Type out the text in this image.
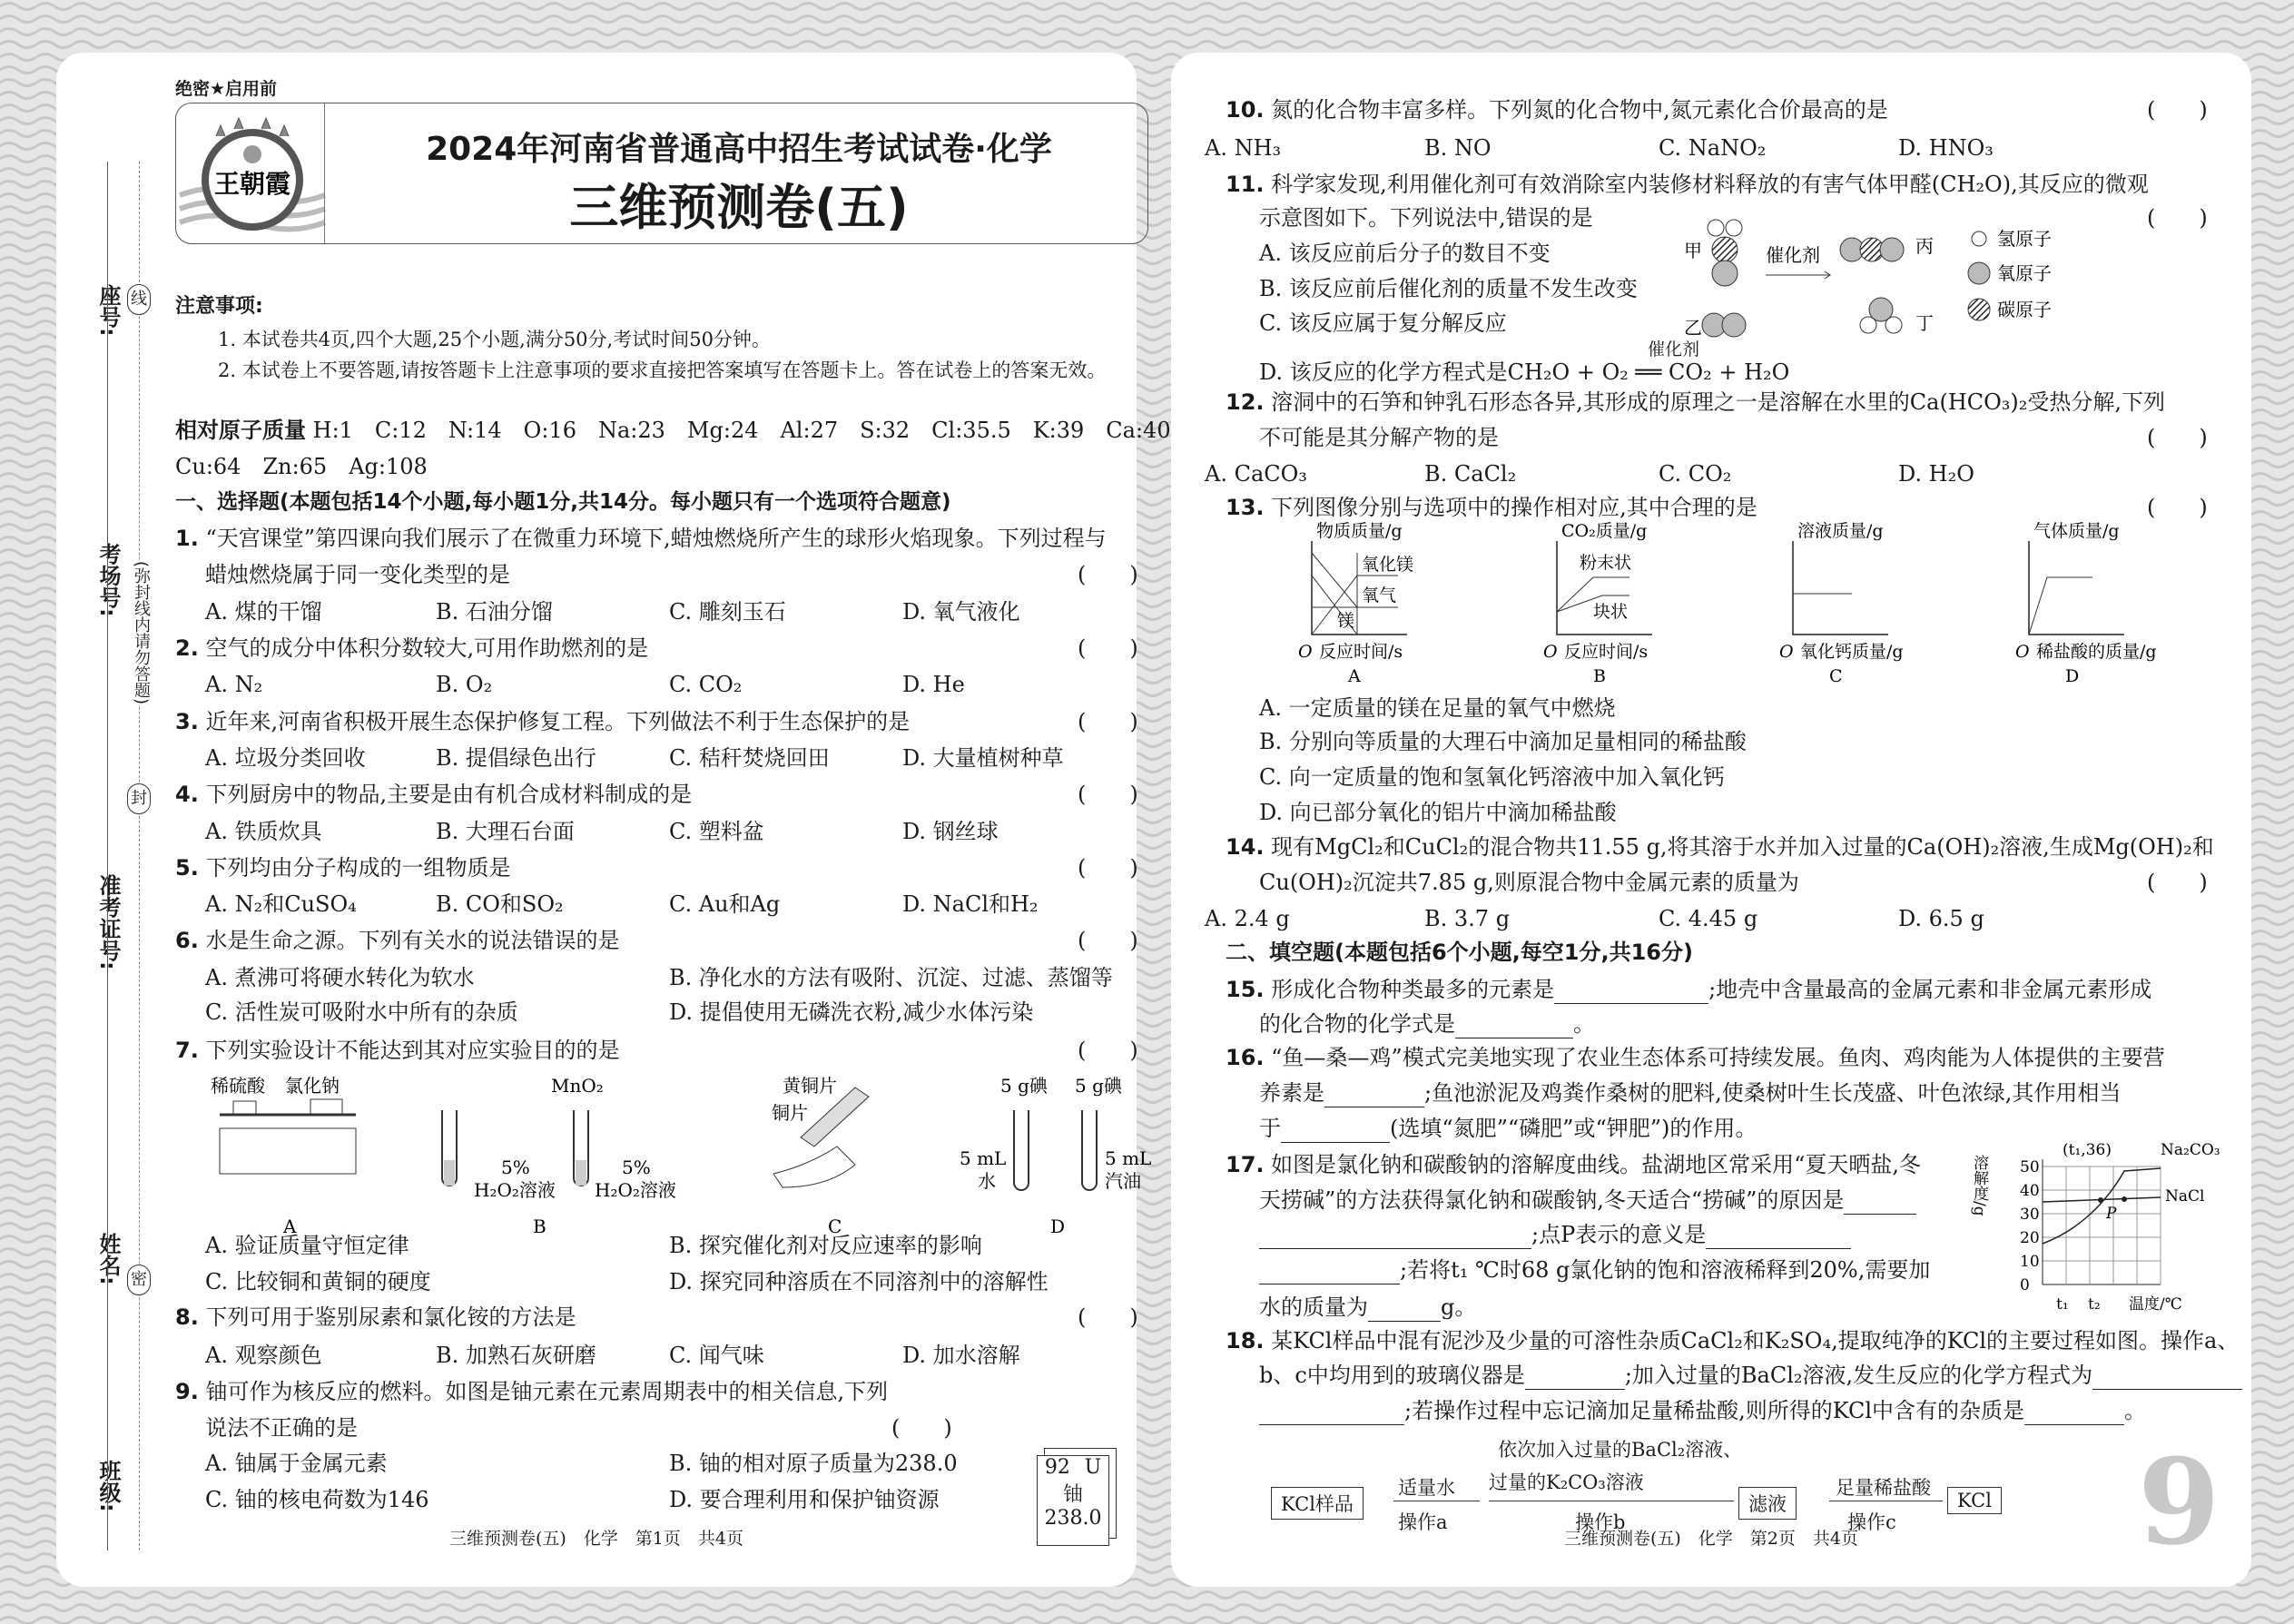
座号:
考场号:
准考证号:
姓名:
班级:
线
(弥封线内请勿答题)
封
密
绝密★启用前
王朝霞
2024年河南省普通高中招生考试试卷·化学
三维预测卷(五)
注意事项:
1. 本试卷共4页,四个大题,25个小题,满分50分,考试时间50分钟。
2. 本试卷上不要答题,请按答题卡上注意事项的要求直接把答案填写在答题卡上。答在试卷上的答案无效。
相对原子质量 H:1　C:12　N:14　O:16　Na:23　Mg:24　Al:27　S:32　Cl:35.5　K:39　Ca:40
Cu:64　Zn:65　Ag:108
一、选择题(本题包括14个小题,每小题1分,共14分。每小题只有一个选项符合题意)
1. “天宫课堂”第四课向我们展示了在微重力环境下,蜡烛燃烧所产生的球形火焰现象。下列过程与
蜡烛燃烧属于同一变化类型的是	(　　)
A. 煤的干馏	B. 石油分馏	C. 雕刻玉石	D. 氧气液化
2. 空气的成分中体积分数较大,可用作助燃剂的是	(　　)
A. N₂	B. O₂	C. CO₂	D. He
3. 近年来,河南省积极开展生态保护修复工程。下列做法不利于生态保护的是	(　　)
A. 垃圾分类回收	B. 提倡绿色出行	C. 秸秆焚烧回田	D. 大量植树种草
4. 下列厨房中的物品,主要是由有机合成材料制成的是	(　　)
A. 铁质炊具	B. 大理石台面	C. 塑料盆	D. 钢丝球
5. 下列均由分子构成的一组物质是	(　　)
A. N₂和CuSO₄	B. CO和SO₂	C. Au和Ag	D. NaCl和H₂
6. 水是生命之源。下列有关水的说法错误的是	(　　)
A. 煮沸可将硬水转化为软水	B. 净化水的方法有吸附、沉淀、过滤、蒸馏等
C. 活性炭可吸附水中所有的杂质	D. 提倡使用无磷洗衣粉,减少水体污染
7. 下列实验设计不能达到其对应实验目的的是	(　　)
A. 验证质量守恒定律	B. 探究催化剂对反应速率的影响
C. 比较铜和黄铜的硬度	D. 探究同种溶质在不同溶剂中的溶解性
8. 下列可用于鉴别尿素和氯化铵的方法是	(　　)
A. 观察颜色	B. 加熟石灰研磨	C. 闻气味	D. 加水溶解
9. 铀可作为核反应的燃料。如图是铀元素在元素周期表中的相关信息,下列
说法不正确的是	(　　)
A. 铀属于金属元素	B. 铀的相对原子质量为238.0
C. 铀的核电荷数为146	D. 要合理利用和保护铀资源
稀硫酸 氯化钠
A
MnO₂
5%
H₂O₂溶液
5%
H₂O₂溶液
B
黄铜片
铜片
C
5 g碘 5 g碘
5 mL
水
5 mL
汽油
D
92 U
铀
238.0
三维预测卷(五)　化学　第1页　共4页
10. 氮的化合物丰富多样。下列氮的化合物中,氮元素化合价最高的是	(　　)
A. NH₃	B. NO	C. NaNO₂	D. HNO₃
11. 科学家发现,利用催化剂可有效消除室内装修材料释放的有害气体甲醛(CH₂O),其反应的微观
示意图如下。下列说法中,错误的是	(　　)
A. 该反应前后分子的数目不变
B. 该反应前后催化剂的质量不发生改变
C. 该反应属于复分解反应
D. 该反应的化学方程式是CH₂O + O₂ ══ CO₂ + H₂O
催化剂
12. 溶洞中的石笋和钟乳石形态各异,其形成的原理之一是溶解在水里的Ca(HCO₃)₂受热分解,下列
不可能是其分解产物的是	(　　)
A. CaCO₃	B. CaCl₂	C. CO₂	D. H₂O
13. 下列图像分别与选项中的操作相对应,其中合理的是	(　　)
A. 一定质量的镁在足量的氧气中燃烧
B. 分别向等质量的大理石中滴加足量相同的稀盐酸
C. 向一定质量的饱和氢氧化钙溶液中加入氧化钙
D. 向已部分氧化的铝片中滴加稀盐酸
14. 现有MgCl₂和CuCl₂的混合物共11.55 g,将其溶于水并加入过量的Ca(OH)₂溶液,生成Mg(OH)₂和
Cu(OH)₂沉淀共7.85 g,则原混合物中金属元素的质量为	(　　)
A. 2.4 g	B. 3.7 g	C. 4.45 g	D. 6.5 g
二、填空题(本题包括6个小题,每空1分,共16分)
15. 形成化合物种类最多的元素是	;地壳中含量最高的金属元素和非金属元素形成
的化合物的化学式是	。
16. “鱼—桑—鸡”模式完美地实现了农业生态体系可持续发展。鱼肉、鸡肉能为人体提供的主要营
养素是	;鱼池淤泥及鸡粪作桑树的肥料,使桑树叶生长茂盛、叶色浓绿,其作用相当
于	(选填“氮肥”“磷肥”或“钾肥”)的作用。
17. 如图是氯化钠和碳酸钠的溶解度曲线。盐湖地区常采用“夏天晒盐,冬
天捞碱”的方法获得氯化钠和碳酸钠,冬天适合“捞碱”的原因是
;点P表示的意义是
;若将t₁ ℃时68 g氯化钠的饱和溶液稀释到20%,需要加
水的质量为	g。
18. 某KCl样品中混有泥沙及少量的可溶性杂质CaCl₂和K₂SO₄,提取纯净的KCl的主要过程如图。操作a、
b、c中均用到的玻璃仪器是	;加入过量的BaCl₂溶液,发生反应的化学方程式为
;若操作过程中忘记滴加足量稀盐酸,则所得的KCl中含有的杂质是	。
甲
乙
催化剂	丙
丁
氢原子
氧原子
碳原子
物质质量/g
O 反应时间/s
A
氧化镁
氧气
镁
CO₂质量/g
O 反应时间/s
B
粉末状
块状
溶液质量/g
O 氧化钙质量/g
C
气体质量/g
O 稀盐酸的质量/g
D
溶解度/g
0
10
20
30
40
50
(t₁,36)	Na₂CO₃
NaCl
P
t₁ t₂ 温度/℃
KCl样品
适量水
操作a
依次加入过量的BaCl₂溶液、
过量的K₂CO₃溶液
操作b
滤液
足量稀盐酸
操作c
KCl 9
三维预测卷(五)　化学　第2页　共4页
